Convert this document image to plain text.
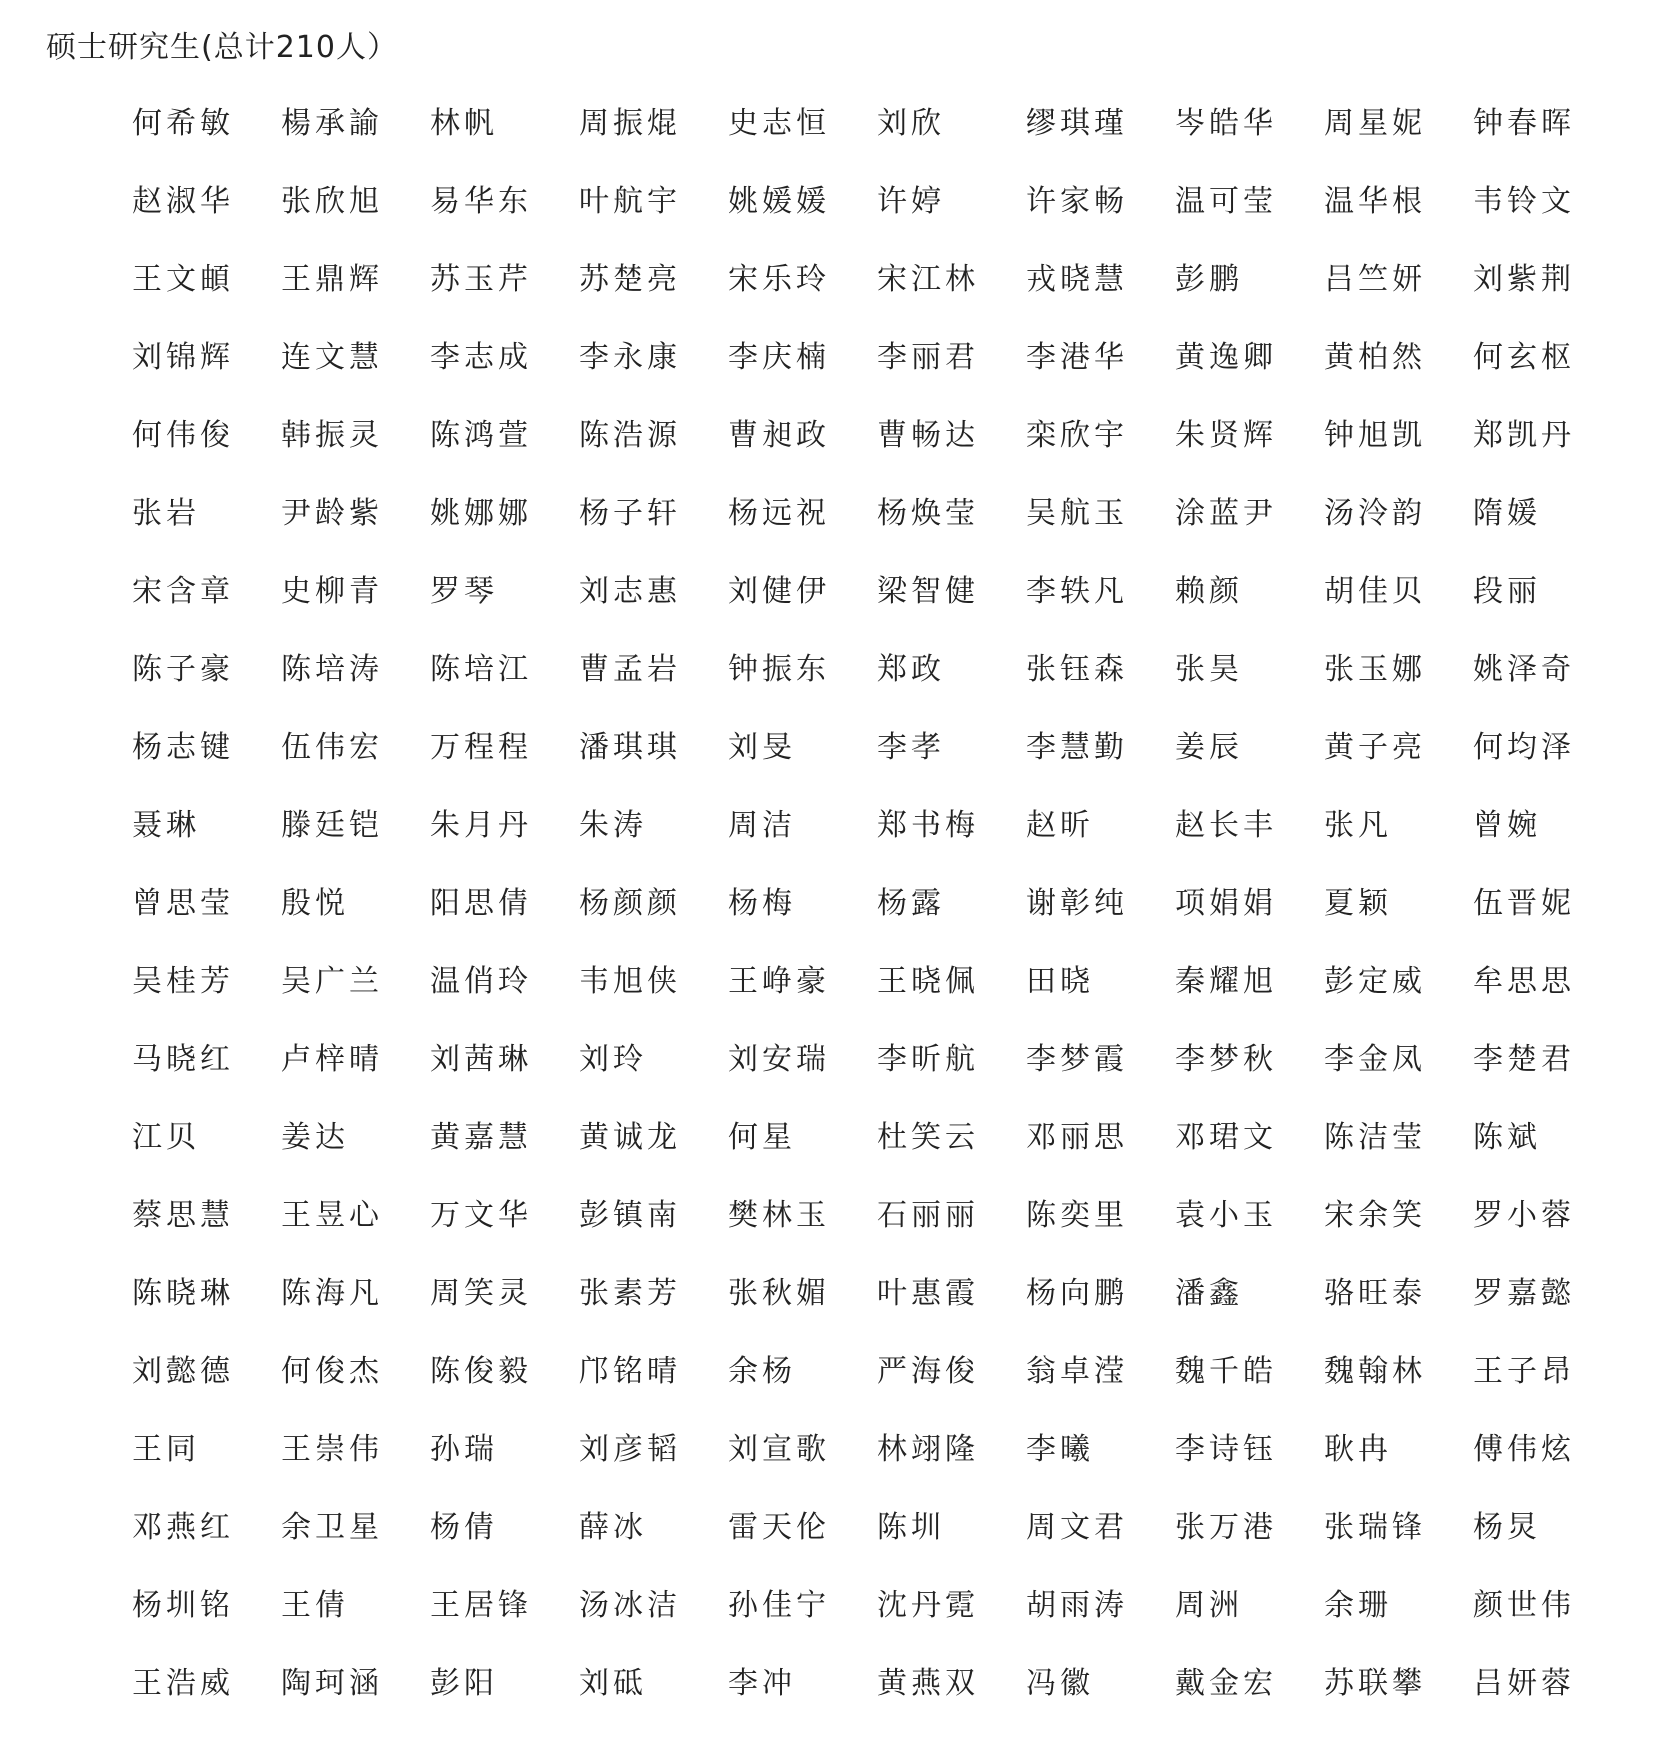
硕士研究生(总计210人）
何希敏	楊承諭	林帆	周振焜	史志恒	刘欣	缪琪瑾	岑皓华	周星妮	钟春晖
赵淑华	张欣旭	易华东	叶航宇	姚媛媛	许婷	许家畅	温可莹	温华根	韦铃文
王文頔	王鼎辉	苏玉芹	苏楚亮	宋乐玲	宋江林	戎晓慧	彭鹏	吕竺妍	刘紫荆
刘锦辉	连文慧	李志成	李永康	李庆楠	李丽君	李港华	黄逸卿	黄柏然	何玄枢
何伟俊	韩振灵	陈鸿萱	陈浩源	曹昶政	曹畅达	栾欣宇	朱贤辉	钟旭凯	郑凯丹
张岩	尹龄紫	姚娜娜	杨子轩	杨远祝	杨焕莹	吴航玉	涂蓝尹	汤泠韵	隋媛
宋含章	史柳青	罗琴	刘志惠	刘健伊	梁智健	李轶凡	赖颜	胡佳贝	段丽
陈子豪	陈培涛	陈培江	曹孟岩	钟振东	郑政	张钰森	张昊	张玉娜	姚泽奇
杨志键	伍伟宏	万程程	潘琪琪	刘旻	李孝	李慧勤	姜辰	黄子亮	何均泽
聂琳	滕廷铠	朱月丹	朱涛	周洁	郑书梅	赵昕	赵长丰	张凡	曾婉
曾思莹	殷悦	阳思倩	杨颜颜	杨梅	杨露	谢彰纯	项娟娟	夏颖	伍晋妮
吴桂芳	吴广兰	温俏玲	韦旭侠	王峥豪	王晓佩	田晓	秦耀旭	彭定威	牟思思
马晓红	卢梓晴	刘茜琳	刘玲	刘安瑞	李昕航	李梦霞	李梦秋	李金凤	李楚君
江贝	姜达	黄嘉慧	黄诚龙	何星	杜笑云	邓丽思	邓珺文	陈洁莹	陈斌
蔡思慧	王昱心	万文华	彭镇南	樊林玉	石丽丽	陈奕里	袁小玉	宋余笑	罗小蓉
陈晓琳	陈海凡	周笑灵	张素芳	张秋媚	叶惠霞	杨向鹏	潘鑫	骆旺泰	罗嘉懿
刘懿德	何俊杰	陈俊毅	邝铭晴	余杨	严海俊	翁卓滢	魏千皓	魏翰林	王子昂
王同	王崇伟	孙瑞	刘彦韬	刘宣歌	林翊隆	李曦	李诗钰	耿冉	傅伟炫
邓燕红	余卫星	杨倩	薛冰	雷天伦	陈圳	周文君	张万港	张瑞锋	杨炅
杨圳铭	王倩	王居锋	汤冰洁	孙佳宁	沈丹霓	胡雨涛	周洲	余珊	颜世伟
王浩威	陶珂涵	彭阳	刘砥	李冲	黄燕双	冯徽	戴金宏	苏联攀	吕妍蓉
